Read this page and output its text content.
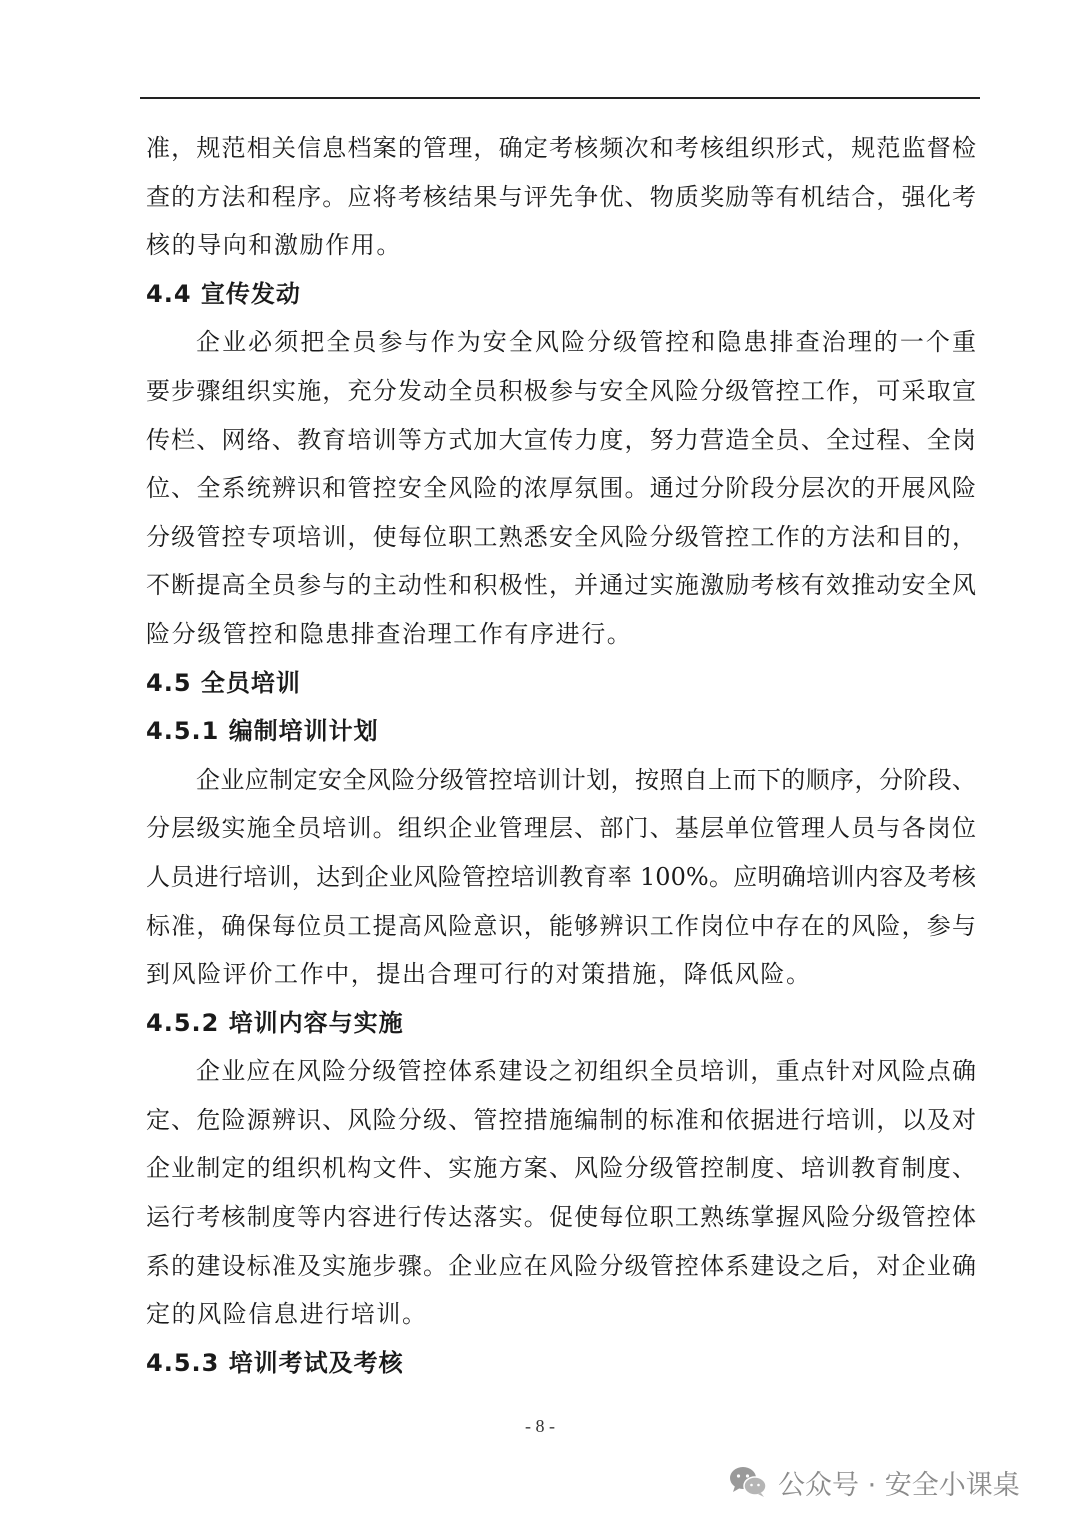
准，规范相关信息档案的管理，确定考核频次和考核组织形式，规范监督检
查的方法和程序。应将考核结果与评先争优、物质奖励等有机结合，强化考
核的导向和激励作用。
4.4 宣传发动
企业必须把全员参与作为安全风险分级管控和隐患排查治理的一个重
要步骤组织实施，充分发动全员积极参与安全风险分级管控工作，可采取宣
传栏、网络、教育培训等方式加大宣传力度，努力营造全员、全过程、全岗
位、全系统辨识和管控安全风险的浓厚氛围。通过分阶段分层次的开展风险
分级管控专项培训，使每位职工熟悉安全风险分级管控工作的方法和目的，
不断提高全员参与的主动性和积极性，并通过实施激励考核有效推动安全风
险分级管控和隐患排查治理工作有序进行。
4.5 全员培训
4.5.1 编制培训计划
企业应制定安全风险分级管控培训计划，按照自上而下的顺序，分阶段、
分层级实施全员培训。组织企业管理层、部门、基层单位管理人员与各岗位
人员进行培训，达到企业风险管控培训教育率 100%。应明确培训内容及考核
标准，确保每位员工提高风险意识，能够辨识工作岗位中存在的风险，参与
到风险评价工作中，提出合理可行的对策措施，降低风险。
4.5.2 培训内容与实施
企业应在风险分级管控体系建设之初组织全员培训，重点针对风险点确
定、危险源辨识、风险分级、管控措施编制的标准和依据进行培训，以及对
企业制定的组织机构文件、实施方案、风险分级管控制度、培训教育制度、
运行考核制度等内容进行传达落实。促使每位职工熟练掌握风险分级管控体
系的建设标准及实施步骤。企业应在风险分级管控体系建设之后，对企业确
定的风险信息进行培训。
4.5.3 培训考试及考核
- 8 -
公众号 · 安全小课桌
